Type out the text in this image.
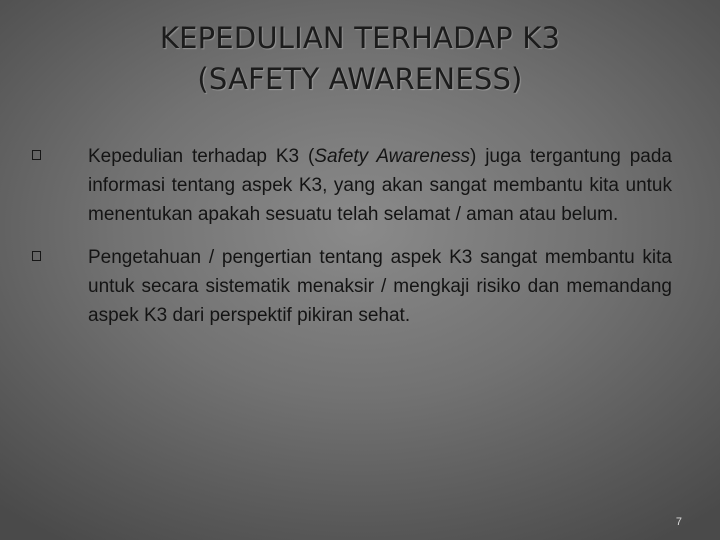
KEPEDULIAN TERHADAP K3
(SAFETY AWARENESS)
Kepedulian terhadap K3 (Safety Awareness) juga tergantung pada informasi tentang aspek K3, yang akan sangat membantu kita untuk menentukan apakah sesuatu telah selamat / aman atau belum.
Pengetahuan / pengertian tentang aspek K3 sangat membantu kita untuk secara sistematik menaksir / mengkaji risiko dan memandang aspek K3 dari perspektif pikiran sehat.
7
